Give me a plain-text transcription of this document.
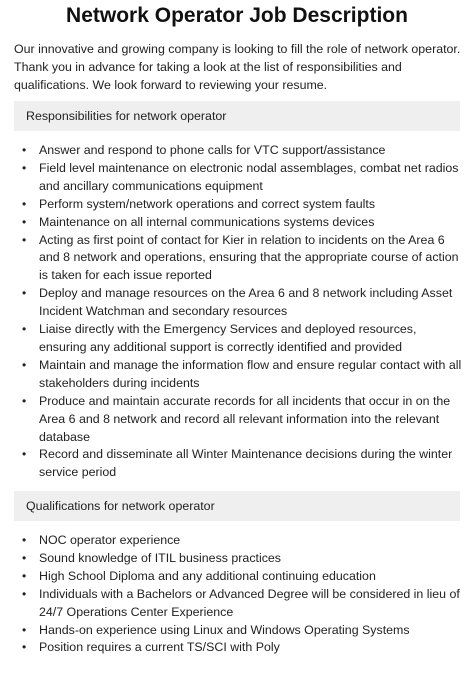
Network Operator Job Description

Our innovative and growing company is looking to fill the role of network operator. Thank you in advance for taking a look at the list of responsibilities and qualifications. We look forward to reviewing your resume.

Responsibilities for network operator
• Answer and respond to phone calls for VTC support/assistance
• Field level maintenance on electronic nodal assemblages, combat net radios and ancillary communications equipment
• Perform system/network operations and correct system faults
• Maintenance on all internal communications systems devices
• Acting as first point of contact for Kier in relation to incidents on the Area 6 and 8 network and operations, ensuring that the appropriate course of action is taken for each issue reported
• Deploy and manage resources on the Area 6 and 8 network including Asset Incident Watchman and secondary resources
• Liaise directly with the Emergency Services and deployed resources, ensuring any additional support is correctly identified and provided
• Maintain and manage the information flow and ensure regular contact with all stakeholders during incidents
• Produce and maintain accurate records for all incidents that occur in on the Area 6 and 8 network and record all relevant information into the relevant database
• Record and disseminate all Winter Maintenance decisions during the winter service period
Qualifications for network operator
• NOC operator experience
• Sound knowledge of ITIL business practices
• High School Diploma and any additional continuing education
• Individuals with a Bachelors or Advanced Degree will be considered in lieu of 24/7 Operations Center Experience
• Hands-on experience using Linux and Windows Operating Systems
• Position requires a current TS/SCI with Poly
